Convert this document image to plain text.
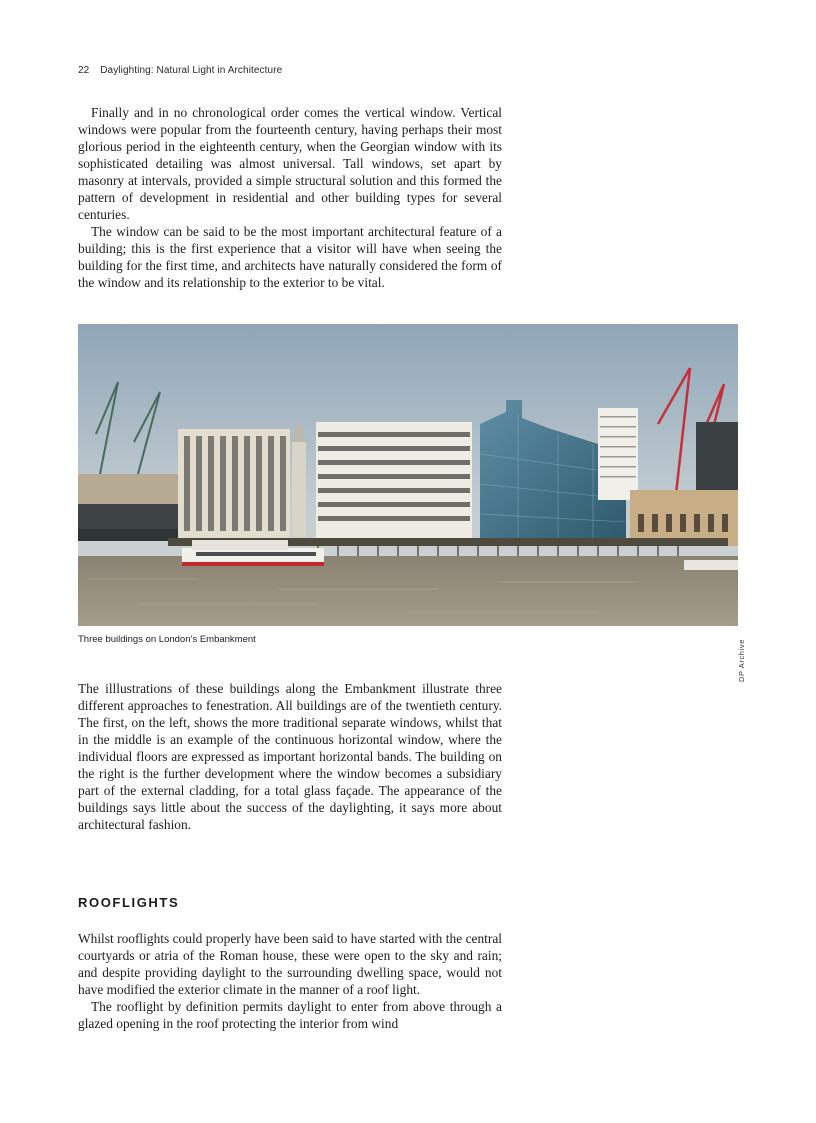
22 Daylighting: Natural Light in Architecture

Finally and in no chronological order comes the vertical window. Vertical windows were popular from the fourteenth century, having perhaps their most glorious period in the eighteenth century, when the Georgian window with its sophisticated detailing was almost universal. Tall windows, set apart by masonry at intervals, provided a simple structural solution and this formed the pattern of development in residential and other building types for several centuries.

The window can be said to be the most important architectural feature of a building; this is the first experience that a visitor will have when seeing the building for the first time, and architects have naturally considered the form of the window and its relationship to the exterior to be vital.

DP Archive
Three buildings on London’s Embankment

The illlustrations of these buildings along the Embankment illustrate three different approaches to fenestration. All buildings are of the twentieth century. The first, on the left, shows the more traditional separate windows, whilst that in the middle is an example of the continuous horizontal window, where the individual floors are expressed as important horizontal bands. The building on the right is the further development where the window becomes a subsidiary part of the external cladding, for a total glass façade. The appearance of the buildings says little about the success of the daylighting, it says more about architectural fashion.

ROOFLIGHTS

Whilst rooflights could properly have been said to have started with the central courtyards or atria of the Roman house, these were open to the sky and rain; and despite providing daylight to the surrounding dwelling space, would not have modified the exterior climate in the manner of a roof light.

The rooflight by definition permits daylight to enter from above through a glazed opening in the roof protecting the interior from wind
